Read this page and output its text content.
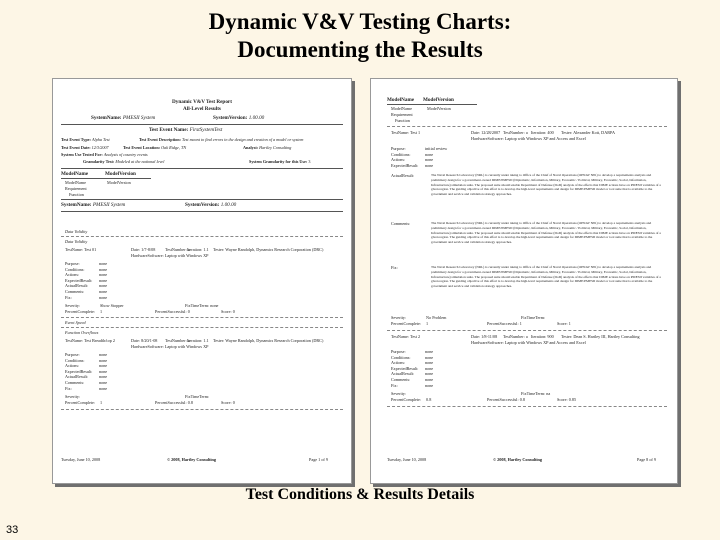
Dynamic V&V Testing Charts:
Documenting the Results
Dynamic V&V Test Report
All-Level Results
SystemName: PMESII System	SystemVersion: 1.00.00
Test Event Name: FirstSystemTest
Test Event Type: Alpha Test	Test Event Description: Test meant to find errors in the design and creation of a model or system
Test Event Date: 12/3/2007	Test Event Location: Oak Ridge, TN	Analyst: Hartley Consulting
System Use Tested For: Analysis of country events
Granularity Test: Modeled at the national level	System Granularity for this Use: 3
ModelName	ModelVersion
ModelName	ModelVersion
Requirement
Function
SystemName: PMESII System	SystemVersion: 1.00.00
Data Validity
Data Validity
TestName: Test 01	Date: 1/7-8/08 TestNumber: a
Iteration: 1.1 Tester: Wayne Randolph, Dynamics Research Corporation (DRC)
HardwareSoftware: Laptop with Windows XP
Purpose:	none
Conditions:	none
Actions:	none
ExpectedResult: none
ActualResult:	none
Comments:	none
Fix:	none
Severity:	Show Stopper	FixTimeTerm: none
PercentComplete: 1	PercentSuccessful: 0	Score: 0
Event Speed
Function Overflows
TestName: Test Breadth/top 2	Date: 8/20/1-08 TestNumber: a
Iteration: 1.1 Tester: Wayne Randolph, Dynamics Research Corporation (DRC)
HardwareSoftware: Laptop with Windows XP
Purpose:	none
Conditions:	none
Actions:	none
ExpectedResult: none
ActualResult:	none
Comments:	none
Fix:	none
Severity:	FixTimeTerm:
PercentComplete: 1	PercentSuccessful: 0.8	Score: 0
Tuesday, June 10, 2008	© 2008, Hartley Consulting	Page 1 of 9
ModelName ModelVersion
ModelName	ModelVersion
Requirement
Function
TestName: Test 1	Date: 12/28/2007 TestNumber: a Iteration: 400 Tester: Alexander Kott, DARPA
HardwareSoftware: Laptop with Windows XP and Access and Excel
Purpose:	initial review
Conditions:	none
Actions:	none
ExpectedResult: none
ActualResult:	The Naval Research Laboratory (NRL) is currently under taking to Office of the Chief of Naval Operations (OPNAV N81) to develop a requirements analysis and preliminary design for a government-owned DIME/PMESII (Diplomatic, Information, Military, Economic / Political, Military, Economic, Social, Information, Infrastructure) simulation suite. The proposed suite should enable Department of Defense (DoD) analysis of the effects that DIME actions have on PMESII variables of a given region. The guiding objective of this effort is to develop the high-level requirements and design for DIME/PMESII model or tool suite that is available to the government and service and validation strategy approaches.
Comments:	The Naval Research Laboratory (NRL) is currently under taking to Office of the Chief of Naval Operations (OPNAV N81) to develop a requirements analysis and preliminary design for a government-owned DIME/PMESII (Diplomatic, Information, Military, Economic / Political, Military, Economic, Social, Information, Infrastructure) simulation suite. The proposed suite should enable Department of Defense (DoD) analysis of the effects that DIME actions have on PMESII variables of a given region. The guiding objective of this effort is to develop the high-level requirements and design for DIME/PMESII model or tool suite that is available to the government and service and validation strategy approaches.
Fix:	The Naval Research Laboratory (NRL) is currently under taking to Office of the Chief of Naval Operations (OPNAV N81) to develop a requirements analysis and preliminary design for a government-owned DIME/PMESII (Diplomatic, Information, Military, Economic / Political, Military, Economic, Social, Information, Infrastructure) simulation suite. The proposed suite should enable Department of Defense (DoD) analysis of the effects that DIME actions have on PMESII variables of a given region. The guiding objective of this effort is to develop the high-level requirements and design for DIME/PMESII model or tool suite that is available to the government and service and validation strategy approaches.
Severity:	No Problem	FixTimeTerm:
PercentComplete: 1	PercentSuccessful: 1	Score: 1
TestName: Test 2	Date: 1/8-11/08 TestNumber: a Iteration: 900 Tester: Dean S. Hartley III, Hartley Consulting
HardwareSoftware: Laptop with Windows XP and Access and Excel
Purpose:	none
Conditions:	none
Actions:	none
ExpectedResult: none
ActualResult:	none
Comments:	none
Fix:	none
Severity:	FixTimeTerm: na
PercentComplete: 0.8	PercentSuccessful: 0.8	Score: 0.85
Tuesday, June 10, 2008	© 2008, Hartley Consulting	Page 8 of 9
Test Conditions & Results Details
33
